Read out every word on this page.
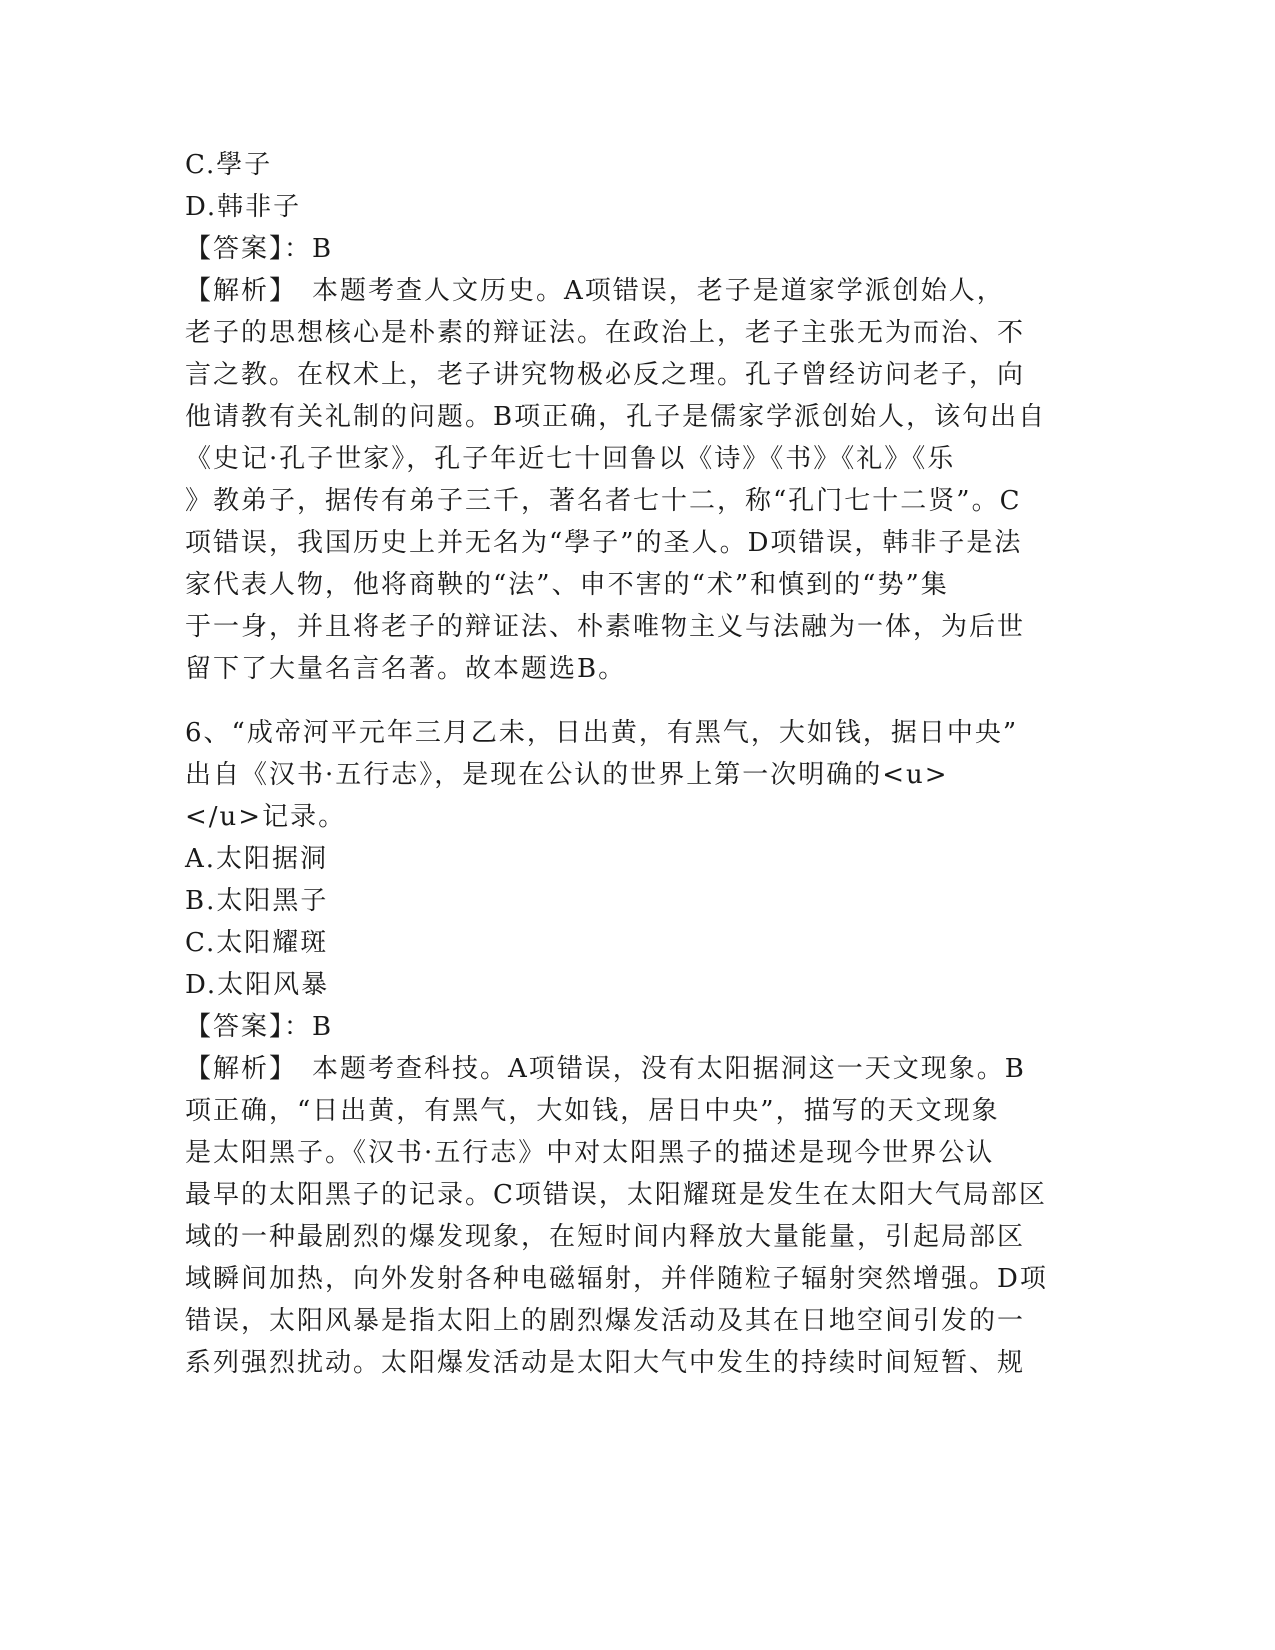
C.學子
D.韩非子
【答案】：B
【解析】　本题考查人文历史。A项错误，老子是道家学派创始人，
老子的思想核心是朴素的辩证法。在政治上，老子主张无为而治、不
言之教。在权术上，老子讲究物极必反之理。孔子曾经访问老子，向
他请教有关礼制的问题。B项正确，孔子是儒家学派创始人，该句出自
《史记·孔子世家》，孔子年近七十回鲁以《诗》《书》《礼》《乐
》教弟子，据传有弟子三千，著名者七十二，称“孔门七十二贤”。C
项错误，我国历史上并无名为“學子”的圣人。D项错误，韩非子是法
家代表人物，他将商鞅的“法”、申不害的“术”和慎到的“势”集
于一身，并且将老子的辩证法、朴素唯物主义与法融为一体，为后世
留下了大量名言名著。故本题选B。
6、“成帝河平元年三月乙未，日出黄，有黑气，大如钱，据日中央”
出自《汉书·五行志》，是现在公认的世界上第一次明确的<u>
</u>记录。
A.太阳据洞
B.太阳黑子
C.太阳耀斑
D.太阳风暴
【答案】：B
【解析】　本题考查科技。A项错误，没有太阳据洞这一天文现象。B
项正确，“日出黄，有黑气，大如钱，居日中央”，描写的天文现象
是太阳黑子。《汉书·五行志》中对太阳黑子的描述是现今世界公认
最早的太阳黑子的记录。C项错误，太阳耀斑是发生在太阳大气局部区
域的一种最剧烈的爆发现象，在短时间内释放大量能量，引起局部区
域瞬间加热，向外发射各种电磁辐射，并伴随粒子辐射突然增强。D项
错误，太阳风暴是指太阳上的剧烈爆发活动及其在日地空间引发的一
系列强烈扰动。太阳爆发活动是太阳大气中发生的持续时间短暂、规
